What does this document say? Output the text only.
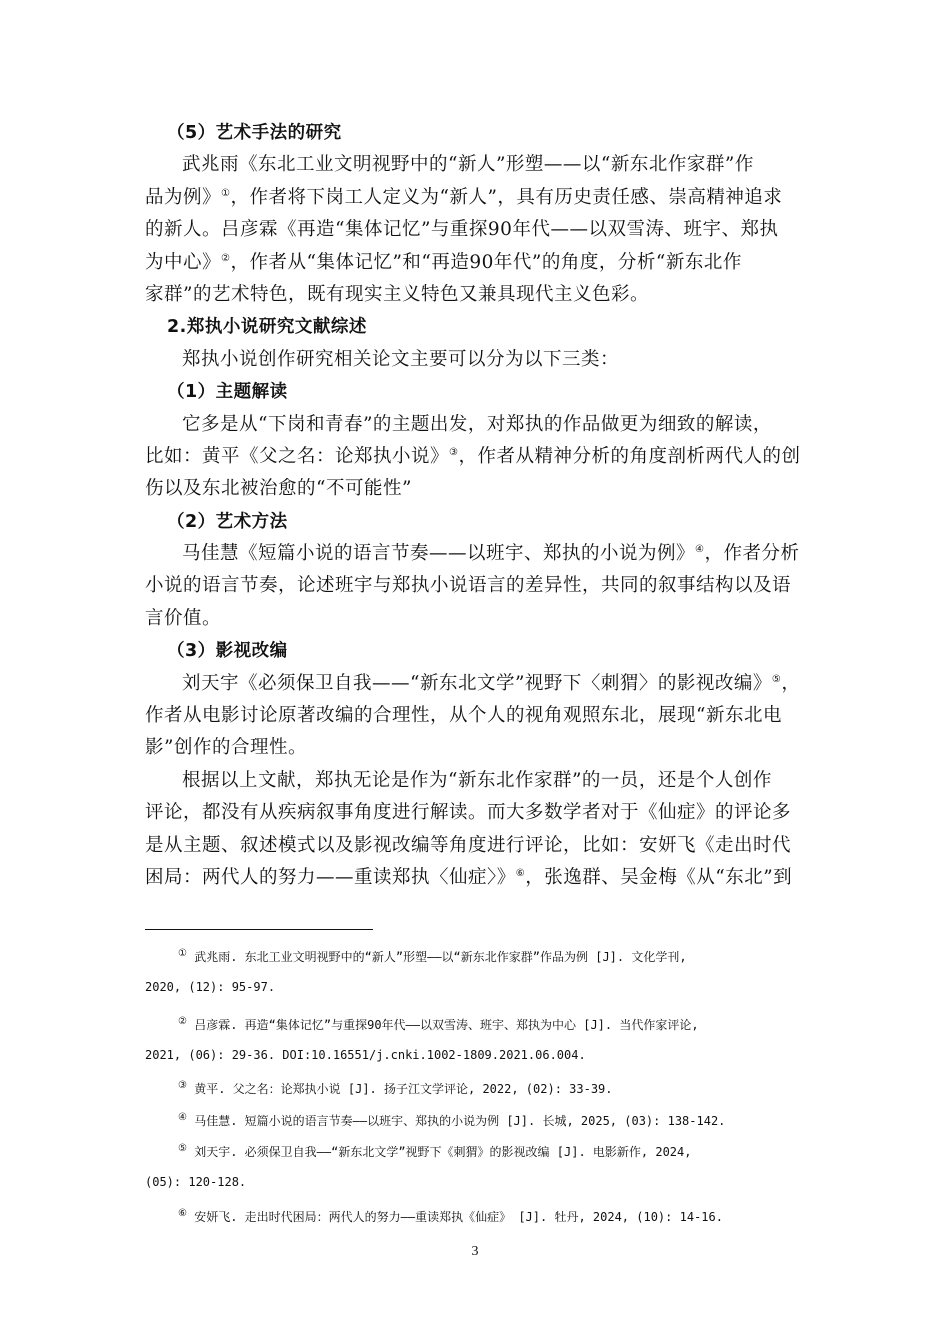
（5）艺术手法的研究
武兆雨《东北工业文明视野中的“新人”形塑——以“新东北作家群”作
品为例》①，作者将下岗工人定义为“新人”，具有历史责任感、崇高精神追求
的新人。吕彦霖《再造“集体记忆”与重探90年代——以双雪涛、班宇、郑执
为中心》②，作者从“集体记忆”和“再造90年代”的角度，分析“新东北作
家群”的艺术特色，既有现实主义特色又兼具现代主义色彩。
2.郑执小说研究文献综述
郑执小说创作研究相关论文主要可以分为以下三类：
（1）主题解读
它多是从“下岗和青春”的主题出发，对郑执的作品做更为细致的解读，
比如：黄平《父之名：论郑执小说》③，作者从精神分析的角度剖析两代人的创
伤以及东北被治愈的“不可能性”
（2）艺术方法
马佳慧《短篇小说的语言节奏——以班宇、郑执的小说为例》④，作者分析
小说的语言节奏，论述班宇与郑执小说语言的差异性，共同的叙事结构以及语
言价值。
（3）影视改编
刘天宇《必须保卫自我——“新东北文学”视野下〈刺猬〉的影视改编》⑤，
作者从电影讨论原著改编的合理性，从个人的视角观照东北，展现“新东北电
影”创作的合理性。
根据以上文献，郑执无论是作为“新东北作家群”的一员，还是个人创作
评论，都没有从疾病叙事角度进行解读。而大多数学者对于《仙症》的评论多
是从主题、叙述模式以及影视改编等角度进行评论，比如：安妍飞《走出时代
困局：两代人的努力——重读郑执〈仙症〉》⑥，张逸群、吴金梅《从“东北”到
① 武兆雨. 东北工业文明视野中的“新人”形塑——以“新东北作家群”作品为例 [J]. 文化学刊,
2020, (12): 95-97.
② 吕彦霖. 再造“集体记忆”与重探90年代——以双雪涛、班宇、郑执为中心 [J]. 当代作家评论,
2021, (06): 29-36. DOI:10.16551/j.cnki.1002-1809.2021.06.004.
③ 黄平. 父之名：论郑执小说 [J]. 扬子江文学评论, 2022, (02): 33-39.
④ 马佳慧. 短篇小说的语言节奏——以班宇、郑执的小说为例 [J]. 长城, 2025, (03): 138-142.
⑤ 刘天宇. 必须保卫自我——“新东北文学”视野下《刺猬》的影视改编 [J]. 电影新作, 2024,
(05): 120-128.
⑥ 安妍飞. 走出时代困局：两代人的努力——重读郑执《仙症》 [J]. 牡丹, 2024, (10): 14-16.
3
